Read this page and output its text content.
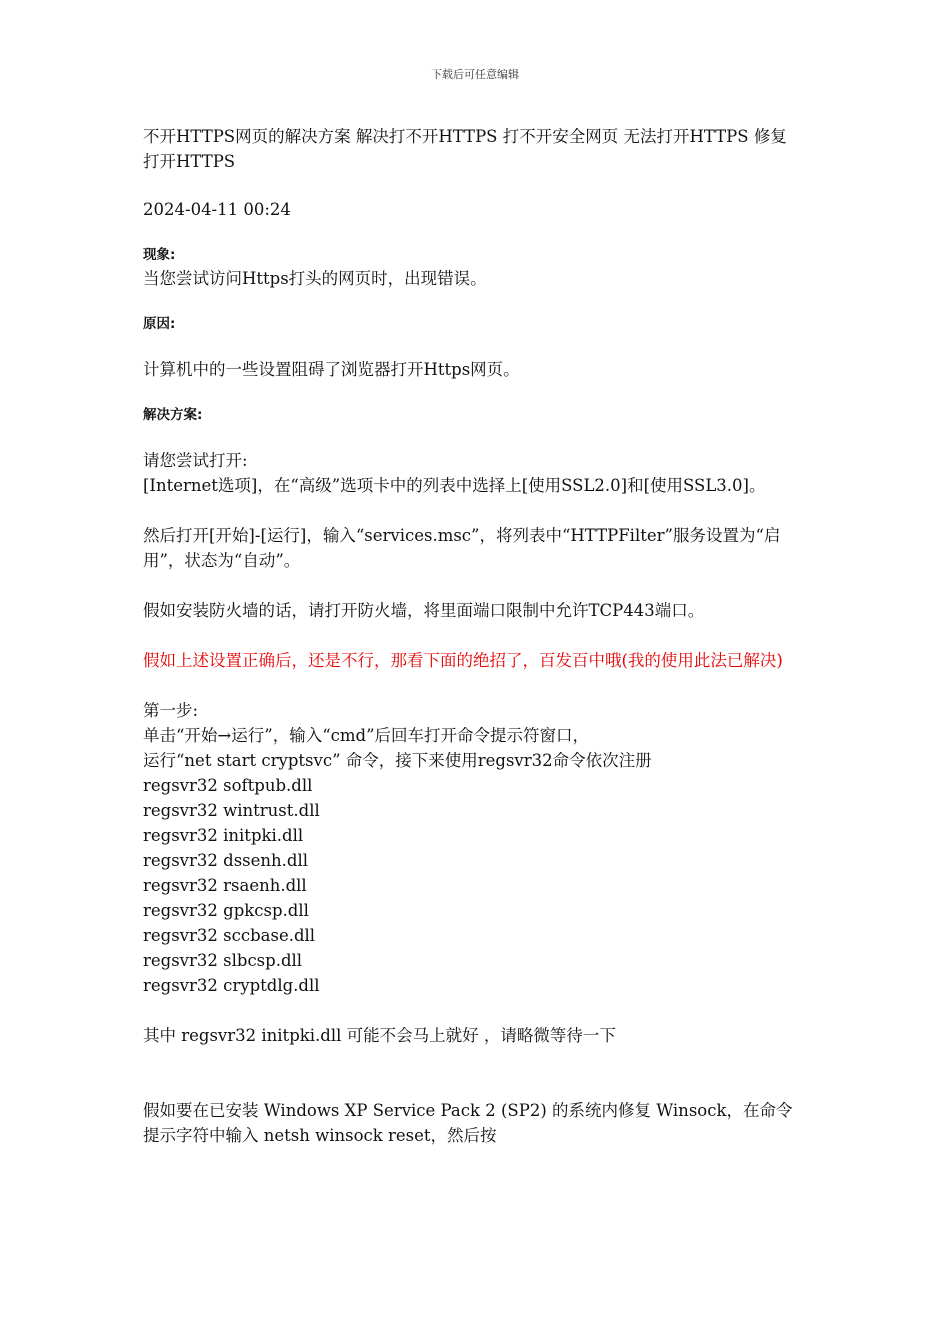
下载后可任意编辑

不开HTTPS网页的解决方案 解决打不开HTTPS 打不开安全网页 无法打开HTTPS 修复打开HTTPS

2024-04-11 00:24

现象:

当您尝试访问Https打头的网页时，出现错误。

原因:

计算机中的一些设置阻碍了浏览器打开Https网页。

解决方案:

请您尝试打开:

[Internet选项]，在“高级”选项卡中的列表中选择上[使用SSL2.0]和[使用SSL3.0]。

然后打开[开始]-[运行]，输入“services.msc”，将列表中“HTTPFilter”服务设置为“启用”，状态为“自动”。

假如安装防火墙的话，请打开防火墙，将里面端口限制中允许TCP443端口。

假如上述设置正确后，还是不行，那看下面的绝招了，百发百中哦(我的使用此法已解决)

第一步:

单击“开始→运行”，输入“cmd”后回车打开命令提示符窗口，

运行“net start cryptsvc” 命令，接下来使用regsvr32命令依次注册

regsvr32 softpub.dll

regsvr32 wintrust.dll

regsvr32 initpki.dll

regsvr32 dssenh.dll

regsvr32 rsaenh.dll

regsvr32 gpkcsp.dll

regsvr32 sccbase.dll

regsvr32 slbcsp.dll

regsvr32 cryptdlg.dll

其中 regsvr32 initpki.dll 可能不会马上就好 ，请略微等待一下

假如要在已安装 Windows XP Service Pack 2 (SP2) 的系统内修复 Winsock，在命令提示字符中输入 netsh winsock reset，然后按
